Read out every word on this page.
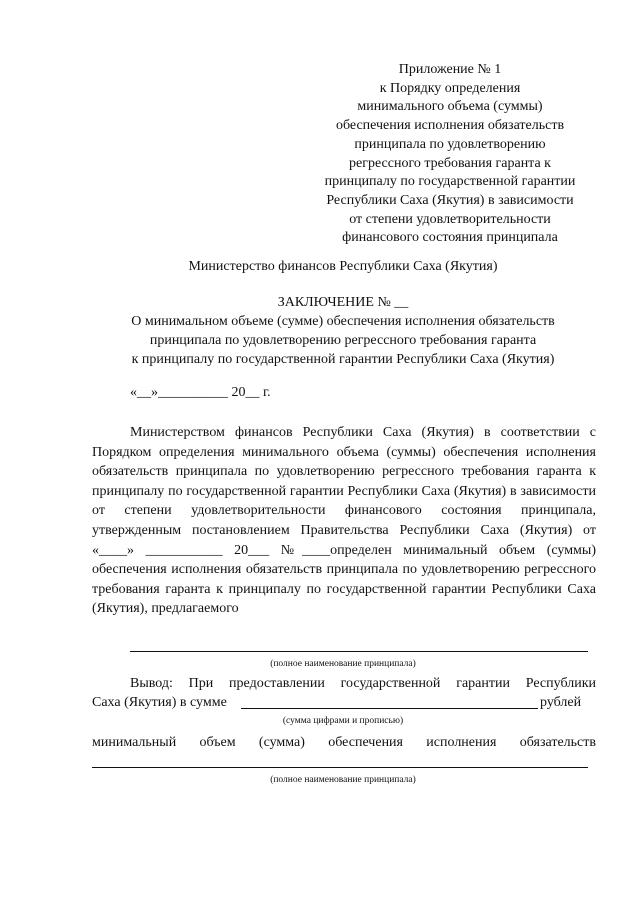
Приложение № 1
к Порядку определения
минимального объема (суммы)
обеспечения исполнения обязательств
принципала по удовлетворению
регрессного требования гаранта к
принципалу по государственной гарантии
Республики Саха (Якутия) в зависимости
от степени удовлетворительности
финансового состояния принципала
Министерство финансов Республики Саха (Якутия)
ЗАКЛЮЧЕНИЕ № __
О минимальном объеме (сумме) обеспечения исполнения обязательств
принципала по удовлетворению регрессного требования гаранта
к принципалу по государственной гарантии Республики Саха (Якутия)
«__»__________ 20__ г.
Министерством финансов Республики Саха (Якутия) в соответствии с Порядком определения минимального объема (суммы) обеспечения исполнения обязательств принципала по удовлетворению регрессного требования гаранта к принципалу по государственной гарантии Республики Саха (Якутия) в зависимости от степени удовлетворительности финансового состояния принципала, утвержденным постановлением Правительства Республики Саха (Якутия) от «____» ___________ 20___ №____определен минимальный объем (суммы) обеспечения исполнения обязательств принципала по удовлетворению регрессного требования гаранта к принципалу по государственной гарантии Республики Саха (Якутия), предлагаемого
(полное наименование принципала)
Вывод: При предоставлении государственной гарантии Республики
Саха (Якутия) в сумме	рублей
(сумма цифрами и прописью)
минимальный объем (сумма) обеспечения исполнения обязательств
(полное наименование принципала)
